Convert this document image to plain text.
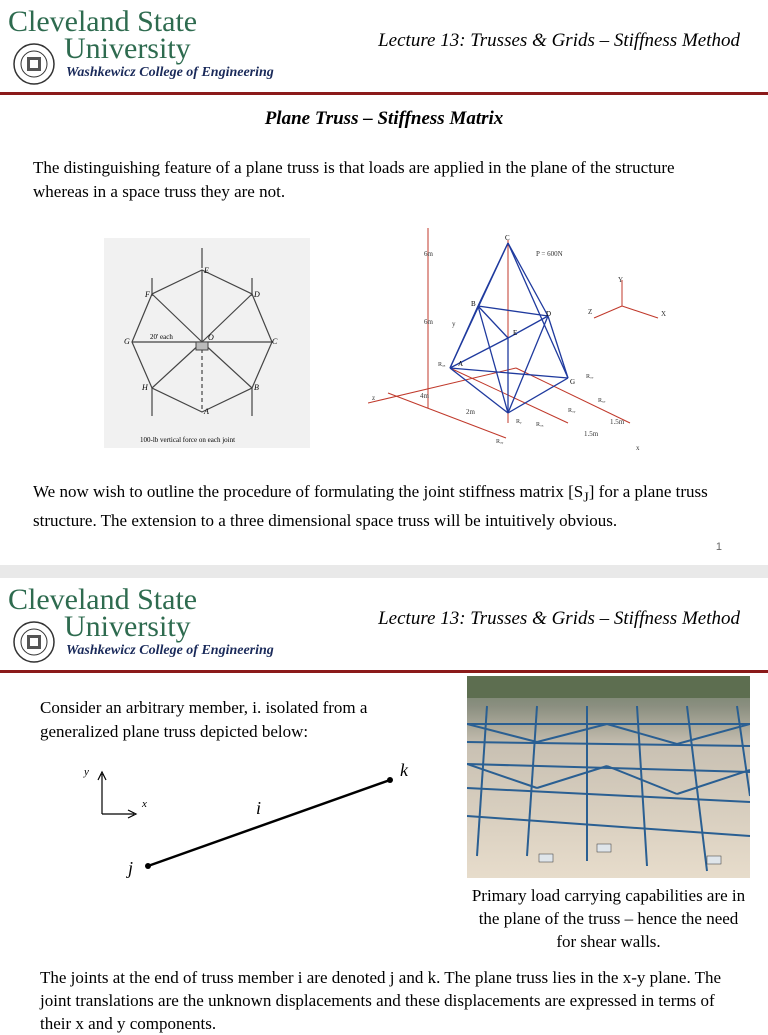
Cleveland State
University
Washkewicz College of Engineering
Lecture 13: Trusses & Grids – Stiffness Method
Plane Truss – Stiffness Matrix
The distinguishing feature of a plane truss is that loads are applied in the plane of the structure whereas in a space truss they are not.
E
F	D
G	O	C
H	B
A
20' each
100-lb vertical force on each joint
C
B
D
E
A
G
P = 600N
6m
6m
4m
2m
1.5m
1.5m
X
Y
Z
x
y
z
Rₐₓ
Rₐᵧ
Rₒₓ
Rₒᵧ
Rₒₔ
Rₓₔ
Rᵧ
We now wish to outline the procedure of formulating the joint stiffness matrix $[S_J]$ for a plane truss structure. The extension to a three dimensional space truss will be intuitively obvious.
1
Cleveland State
University
Washkewicz College of Engineering
Lecture 13: Trusses & Grids – Stiffness Method
Consider an arbitrary member, i. isolated from a generalized plane truss depicted below:
y
x
j
k
i
Primary load carrying capabilities are in the plane of the truss – hence the need for shear walls.
The joints at the end of truss member i are denoted j and k. The plane truss lies in the x-y plane. The joint translations are the unknown displacements and these displacements are expressed in terms of their x and y components.
